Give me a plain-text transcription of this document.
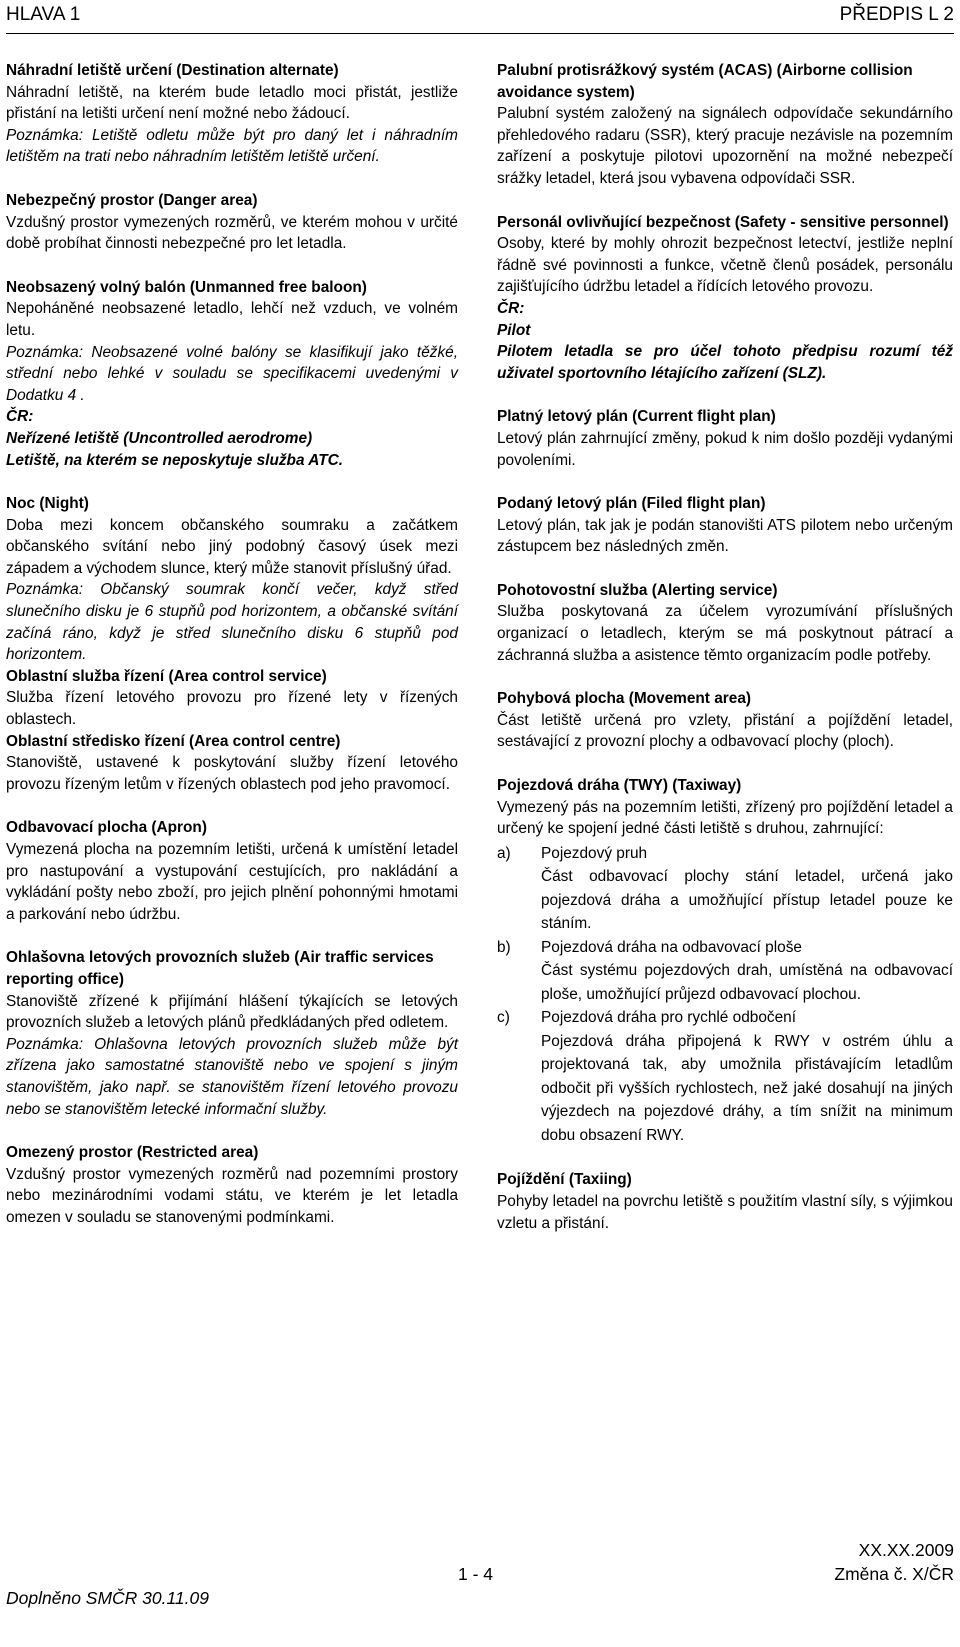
HLAVA 1	PŘEDPIS L 2
Náhradní letiště určení (Destination alternate)
Náhradní letiště, na kterém bude letadlo moci přistát, jestliže přistání na letišti určení není možné nebo žádoucí.
Poznámka: Letiště odletu může být pro daný let i náhradním letištěm na trati nebo náhradním letištěm letiště určení.
Nebezpečný prostor (Danger area)
Vzdušný prostor vymezených rozměrů, ve kterém mohou v určité době probíhat činnosti nebezpečné pro let letadla.
Neobsazený volný balón (Unmanned free baloon)
Nepoháněné neobsazené letadlo, lehčí než vzduch, ve volném letu.
Poznámka: Neobsazené volné balóny se klasifikují jako těžké, střední nebo lehké v souladu se specifikacemi uvedenými v Dodatku 4 .
ČR:
Neřízené letiště (Uncontrolled aerodrome)
Letiště, na kterém se neposkytuje služba ATC.
Noc (Night)
Doba mezi koncem občanského soumraku a začátkem občanského svítání nebo jiný podobný časový úsek mezi západem a východem slunce, který může stanovit příslušný úřad.
Poznámka: Občanský soumrak končí večer, když střed slunečního disku je 6 stupňů pod horizontem, a občanské svítání začíná ráno, když je střed slunečního disku 6 stupňů pod horizontem.
Oblastní služba řízení (Area control service)
Služba řízení letového provozu pro řízené lety v řízených oblastech.
Oblastní středisko řízení (Area control centre)
Stanoviště, ustavené k poskytování služby řízení letového provozu řízeným letům v řízených oblastech pod jeho pravomocí.
Odbavovací plocha (Apron)
Vymezená plocha na pozemním letišti, určená k umístění letadel pro nastupování a vystupování cestujících, pro nakládání a vykládání pošty nebo zboží, pro jejich plnění pohonnými hmotami a parkování nebo údržbu.
Ohlašovna letových provozních služeb (Air traffic services reporting office)
Stanoviště zřízené k přijímání hlášení týkajících se letových provozních služeb a letových plánů předkládaných před odletem.
Poznámka: Ohlašovna letových provozních služeb může být zřízena jako samostatné stanoviště nebo ve spojení s jiným stanovištěm, jako např. se stanovištěm řízení letového provozu nebo se stanovištěm letecké informační služby.
Omezený prostor (Restricted area)
Vzdušný prostor vymezených rozměrů nad pozemními prostory nebo mezinárodními vodami státu, ve kterém je let letadla omezen v souladu se stanovenými podmínkami.
Palubní protisrážkový systém (ACAS) (Airborne collision avoidance system)
Palubní systém založený na signálech odpovídače sekundárního přehledového radaru (SSR), který pracuje nezávisle na pozemním zařízení a poskytuje pilotovi upozornění na možné nebezpečí srážky letadel, která jsou vybavena odpovídači SSR.
Personál ovlivňující bezpečnost (Safety - sensitive personnel)
Osoby, které by mohly ohrozit bezpečnost letectví, jestliže neplní řádně své povinnosti a funkce, včetně členů posádek, personálu zajišťujícího údržbu letadel a řídících letového provozu.
ČR:
Pilot
Pilotem letadla se pro účel tohoto předpisu rozumí též uživatel sportovního létajícího zařízení (SLZ).
Platný letový plán (Current flight plan)
Letový plán zahrnující změny, pokud k nim došlo později vydanými povoleními.
Podaný letový plán (Filed flight plan)
Letový plán, tak jak je podán stanovišti ATS pilotem nebo určeným zástupcem bez následných změn.
Pohotovostní služba (Alerting service)
Služba poskytovaná za účelem vyrozumívání příslušných organizací o letadlech, kterým se má poskytnout pátrací a záchranná služba a asistence těmto organizacím podle potřeby.
Pohybová plocha (Movement area)
Část letiště určená pro vzlety, přistání a pojíždění letadel, sestávající z provozní plochy a odbavovací plochy (ploch).
Pojezdová dráha (TWY) (Taxiway)
Vymezený pás na pozemním letišti, zřízený pro pojíždění letadel a určený ke spojení jedné části letiště s druhou, zahrnující:
a) Pojezdový pruh
Část odbavovací plochy stání letadel, určená jako pojezdová dráha a umožňující přístup letadel pouze ke stáním.
b) Pojezdová dráha na odbavovací ploše
Část systému pojezdových drah, umístěná na odbavovací ploše, umožňující průjezd odbavovací plochou.
c) Pojezdová dráha pro rychlé odbočení
Pojezdová dráha připojená k RWY v ostrém úhlu a projektovaná tak, aby umožnila přistávajícím letadlům odbočit při vyšších rychlostech, než jaké dosahují na jiných výjezdech na pojezdové dráhy, a tím snížit na minimum dobu obsazení RWY.
Pojíždění (Taxiing)
Pohyby letadel na povrchu letiště s použitím vlastní síly, s výjimkou vzletu a přistání.
XX.XX.2009
1 - 4	Změna č. X/ČR
Doplněno SMČR 30.11.09
